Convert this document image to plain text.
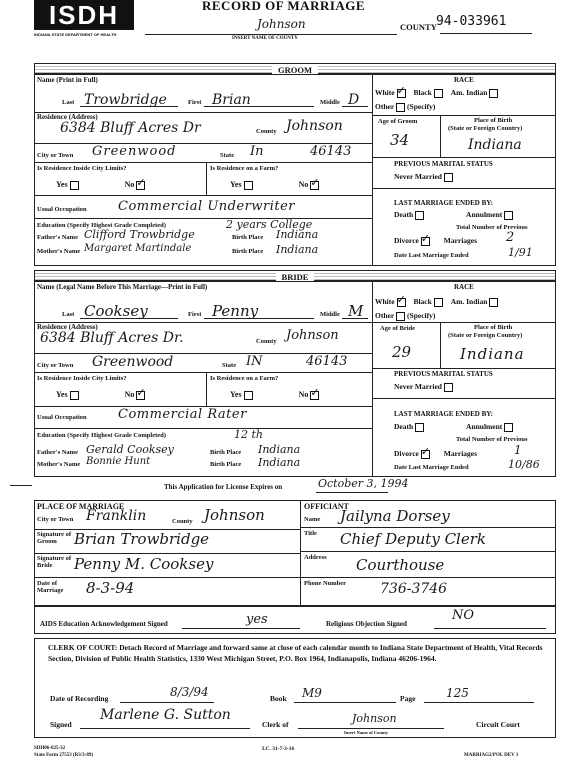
ISDH
INDIANA STATE DEPARTMENT OF HEALTH
RECORD OF MARRIAGE
Johnson
INSERT NAME OF COUNTY
COUNTY 94-033961
GROOM
Name (Print in Full)
Last Trowbridge	First Brian	Middle D
Residence (Address)
6384 Bluff Acres Dr	County Johnson
City or Town Greenwood	State In	46143
Is Residence Inside City Limits?	Is Residence on a Farm?
Yes	No ✓	Yes	No✓
Usual Occupation Commercial Underwriter
Education (Specify Highest Grade Completed)	2 years College
Father's Name Clifford Trowbridge	Birth Place Indiana
Mother's Name Margaret Martindale	Birth Place Indiana
RACE
White ✓	Black	Am. Indian
Other (Specify)
Age of Groom
34
Place of Birth
(State or Foreign Country)
Indiana
PREVIOUS MARITAL STATUS
Never Married
LAST MARRIAGE ENDED BY:
Death	Annulment
Total Number of Previous
Divorce ✓	Marriages 2
Date Last Marriage Ended	1/91
BRIDE
Name (Legal Name Before This Marriage—Print in Full)
Last Cooksey	First Penny	Middle M
Residence (Address)
6384 Bluff Acres Dr.	County Johnson
City or Town Greenwood	State IN	46143
Is Residence Inside City Limits?	Is Residence on a Farm?
Yes	No ✓	Yes	No✓
Usual Occupation Commercial Rater
Education (Specify Highest Grade Completed)	12 th
Father's Name Gerald Cooksey	Birth Place Indiana
Mother's Name Bonnie Hunt	Birth Place Indiana
RACE
White ✓	Black	Am. Indian
Other (Specify)
Age of Bride
29
Place of Birth
(State or Foreign Country)
Indiana
PREVIOUS MARITAL STATUS
Never Married
LAST MARRIAGE ENDED BY:
Death	Annulment
Total Number of Previous
Divorce ✓	Marriages	1
Date Last Marriage Ended	10/86
This Application for License Expires on	October 3, 1994
PLACE OF MARRIAGE
City or Town Franklin	County Johnson
Signature of Groom	Brian Trowbridge
Signature of Bride	Penny M. Cooksey
Date of Marriage	8-3-94
OFFICIANT
Name Jailyna Dorsey
Title Chief Deputy Clerk
Address Courthouse
Phone Number 736-3746
AIDS Education Acknowledgement Signed	yes	Religious Objection Signed
NO
CLERK OF COURT: Detach Record of Marriage and forward same at close of each calendar month to Indiana State Department of Health, Vital Records Section, Division of Public Health Statistics, 1330 West Michigan Street, P.O. Box 1964, Indianapolis, Indiana 46206-1964.
Date of Recording	8/3/94	Book M9	Page	125
Signed
Marlene G. Sutton
Clerk of	Johnson
Insert Name of County
Circuit Court
SDH06-025-32
State Form 27553 (R3/3-89)
I.C. 31-7-3-16
MARRIAG2/POL DEV 1
